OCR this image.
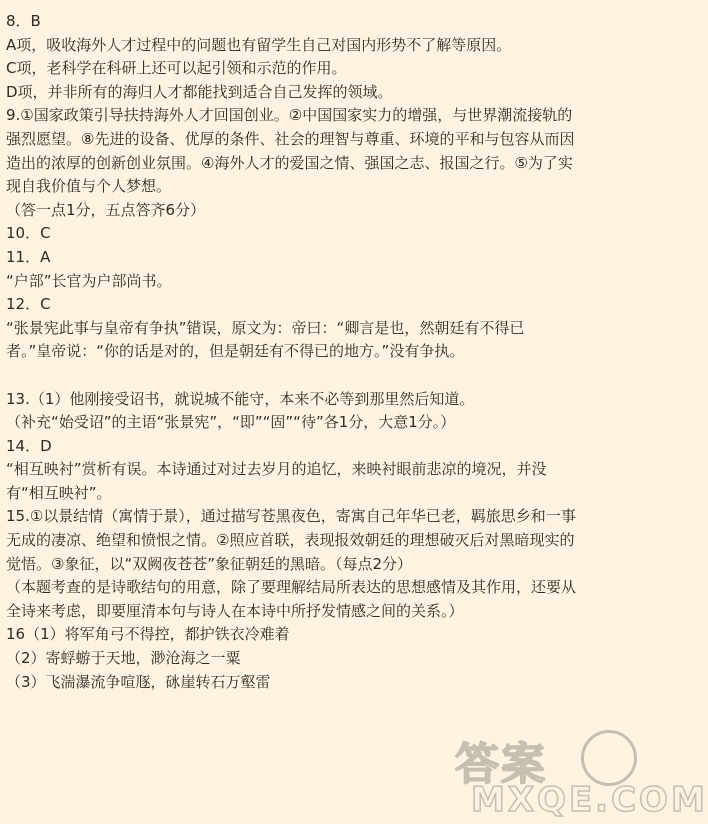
8．B
A项，吸收海外人才过程中的问题也有留学生自己对国内形势不了解等原因。
C项，老科学在科研上还可以起引领和示范的作用。
D项，并非所有的海归人才都能找到适合自己发挥的领域。
9.①国家政策引导扶持海外人才回国创业。②中国国家实力的增强，与世界潮流接轨的
强烈愿望。⑧先进的设备、优厚的条件、社会的理智与尊重、环境的平和与包容从而因
造出的浓厚的创新创业氛围。④海外人才的爱国之情、强国之志、报国之行。⑤为了实
现自我价值与个人梦想。
（答一点1分，五点答齐6分）
10．C
11．A
“户部”长官为户部尚书。
12．C
“张景宪此事与皇帝有争执”错误，原文为：帝曰：“卿言是也，然朝廷有不得已
者。”皇帝说：“你的话是对的，但是朝廷有不得已的地方。”没有争执。
13.（1）他刚接受诏书，就说城不能守，本来不必等到那里然后知道。
（补充“始受诏”的主语“张景宪”，“即”“固”“待”各1分，大意1分。）
14．D
“相互映衬”赏析有误。本诗通过对过去岁月的追忆，来映衬眼前悲凉的境况，并没
有“相互映衬”。
15.①以景结情（寓情于景），通过描写苍黑夜色，寄寓自己年华已老，羁旅思乡和一事
无成的凄凉、绝望和愤恨之情。②照应首联，表现报效朝廷的理想破灭后对黑暗现实的
觉悟。③象征，以“双阙夜苍苍”象征朝廷的黑暗。（每点2分）
（本题考查的是诗歌结句的用意，除了要理解结局所表达的思想感情及其作用，还要从
全诗来考虑，即要厘清本句与诗人在本诗中所抒发情感之间的关系。）
16（1）将军角弓不得控，都护铁衣冷难着
（2）寄蜉蝣于天地，渺沧海之一粟
（3）飞湍瀑流争喧豗，砯崖转石万壑雷
答案
MXQE.COM
